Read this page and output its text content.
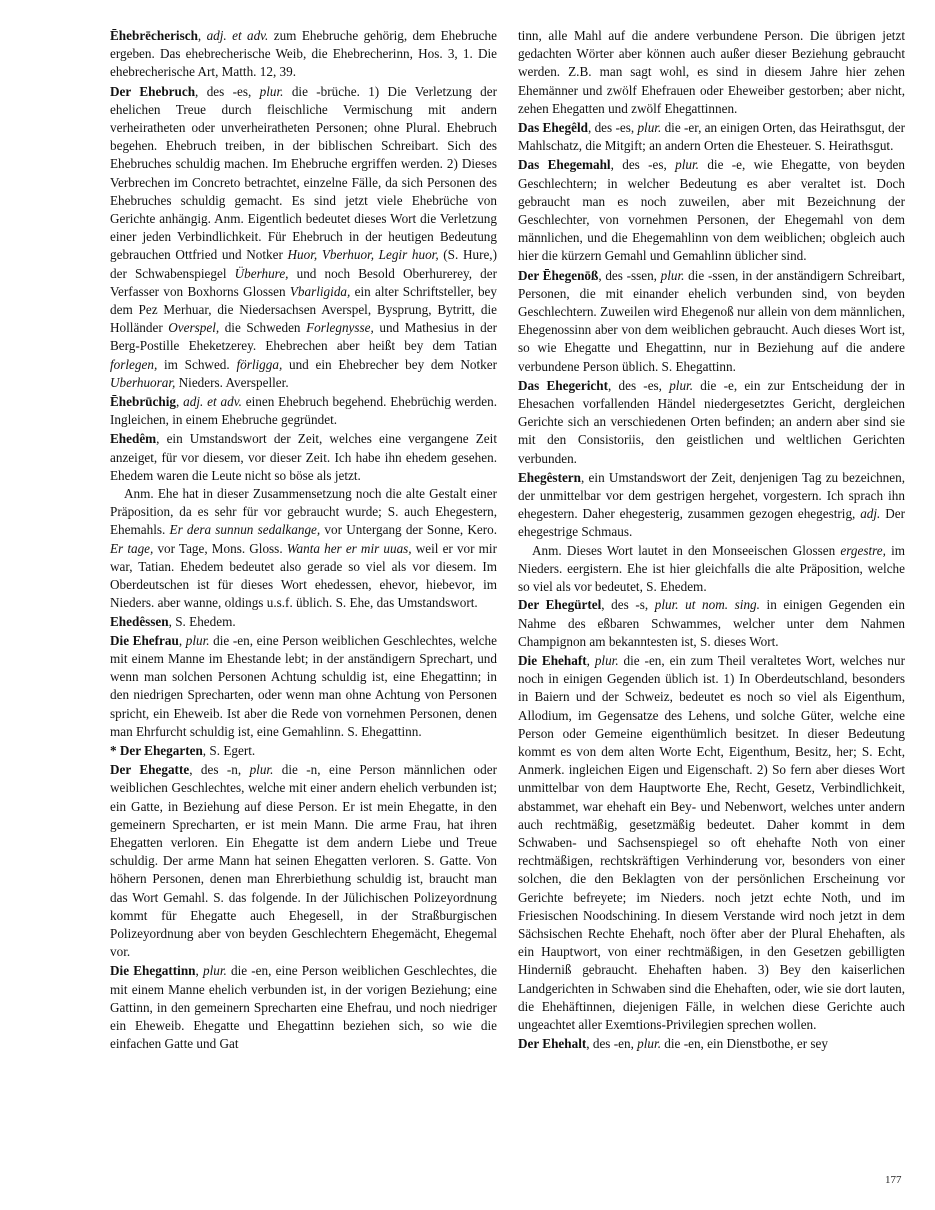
Ēhebrēcherisch, adj. et adv. zum Ehebruche gehörig, dem Ehebruche ergeben. Das ehebrecherische Weib, die Ehebrecherinn, Hos. 3, 1. Die ehebrecherische Art, Matth. 12, 39.

Der Ehebruch, des -es, plur. die -brüche. 1) Die Verletzung der ehelichen Treue durch fleischliche Vermischung mit andern verheiratheten oder unverheiratheten Personen; ohne Plural. Ehebruch begehen. Ehebruch treiben, in der biblischen Schreibart. Sich des Ehebruches schuldig machen. Im Ehebruche ergriffen werden. 2) Dieses Verbrechen im Concreto betrachtet, einzelne Fälle, da sich Personen des Ehebruches schuldig gemacht. Es sind jetzt viele Ehebrüche von Gerichte anhängig. Anm. Eigentlich bedeutet dieses Wort die Verletzung einer jeden Verbindlichkeit. Für Ehebruch in der heutigen Bedeutung gebrauchen Ottfried und Notker Huor, Vberhuor, Legir huor, (S. Hure,) der Schwabenspiegel Überhure, und noch Besold Oberhurerey, der Verfasser von Boxhorns Glossen Vbarligida, ein alter Schriftsteller, bey dem Pez Merhuar, die Niedersachsen Averspel, Bysprung, Bytritt, die Holländer Overspel, die Schweden Forlegnysse, und Mathesius in der Berg-Postille Eheketzerey. Ehebrechen aber heißt bey dem Tatian forlegen, im Schwed. förligga, und ein Ehebrecher bey dem Notker Uberhuorar, Nieders. Averspeller.

Ēhebrūchig, adj. et adv. einen Ehebruch begehend. Ehebrüchig werden. Ingleichen, in einem Ehebruche gegründet.

Ehedêm, ein Umstandswort der Zeit, welches eine vergangene Zeit anzeiget, für vor diesem, vor dieser Zeit. Ich habe ihn ehedem gesehen. Ehedem waren die Leute nicht so böse als jetzt.

Anm. Ehe hat in dieser Zusammensetzung noch die alte Gestalt einer Präposition, da es sehr für vor gebraucht wurde; S. auch Ehegestern, Ehemahls. Er dera sunnun sedalkange, vor Untergang der Sonne, Kero. Er tage, vor Tage, Mons. Gloss. Wanta her er mir uuas, weil er vor mir war, Tatian. Ehedem bedeutet also gerade so viel als vor diesem. Im Oberdeutschen ist für dieses Wort ehedessen, ehevor, hiebevor, im Nieders. aber wanne, oldings u.s.f. üblich. S. Ehe, das Umstandswort.

Ehedêssen, S. Ehedem.

Die Ehefrau, plur. die -en, eine Person weiblichen Geschlechtes, welche mit einem Manne im Ehestande lebt; in der anständigern Sprechart, und wenn man solchen Personen Achtung schuldig ist, eine Ehegattinn; in den niedrigen Sprecharten, oder wenn man ohne Achtung von Personen spricht, ein Eheweib. Ist aber die Rede von vornehmen Personen, denen man Ehrfurcht schuldig ist, eine Gemahlinn. S. Ehegattinn.

* Der Ehegarten, S. Egert.

Der Ehegatte, des -n, plur. die -n, eine Person männlichen oder weiblichen Geschlechtes, welche mit einer andern ehelich verbunden ist; ein Gatte, in Beziehung auf diese Person. Er ist mein Ehegatte, in den gemeinern Sprecharten, er ist mein Mann. Die arme Frau, hat ihren Ehegatten verloren. Ein Ehegatte ist dem andern Liebe und Treue schuldig. Der arme Mann hat seinen Ehegatten verloren. S. Gatte. Von höhern Personen, denen man Ehrerbiethung schuldig ist, braucht man das Wort Gemahl. S. das folgende. In der Jülichischen Polizeyordnung kommt für Ehegatte auch Ehegesell, in der Straßburgischen Polizeyordnung aber von beyden Geschlechtern Ehegemächt, Ehegemal vor.

Die Ehegattinn, plur. die -en, eine Person weiblichen Geschlechtes, die mit einem Manne ehelich verbunden ist, in der vorigen Beziehung; eine Gattinn, in den gemeinern Sprecharten eine Ehefrau, und noch niedriger ein Eheweib. Ehegatte und Ehegattinn beziehen sich, so wie die einfachen Gatte und Gat

tinn, alle Mahl auf die andere verbundene Person. Die übrigen jetzt gedachten Wörter aber können auch außer dieser Beziehung gebraucht werden. Z.B. man sagt wohl, es sind in diesem Jahre hier zehen Ehemänner und zwölf Ehefrauen oder Eheweiber gestorben; aber nicht, zehen Ehegatten und zwölf Ehegattinnen.

Das Ehegêld, des -es, plur. die -er, an einigen Orten, das Heirathsgut, der Mahlschatz, die Mitgift; an andern Orten die Ehesteuer. S. Heirathsgut.

Das Ehegemahl, des -es, plur. die -e, wie Ehegatte, von beyden Geschlechtern; in welcher Bedeutung es aber veraltet ist. Doch gebraucht man es noch zuweilen, aber mit Bezeichnung der Geschlechter, von vornehmen Personen, der Ehegemahl von dem männlichen, und die Ehegemahlinn von dem weiblichen; obgleich auch hier die kürzern Gemahl und Gemahlinn üblicher sind.

Der Ēhegenōß, des -ssen, plur. die -ssen, in der anständigern Schreibart, Personen, die mit einander ehelich verbunden sind, von beyden Geschlechtern. Zuweilen wird Ehegenoß nur allein von dem männlichen, Ehegenossinn aber von dem weiblichen gebraucht. Auch dieses Wort ist, so wie Ehegatte und Ehegattinn, nur in Beziehung auf die andere verbundene Person üblich. S. Ehegattinn.

Das Ehegericht, des -es, plur. die -e, ein zur Entscheidung der in Ehesachen vorfallenden Händel niedergesetztes Gericht, dergleichen Gerichte sich an verschiedenen Orten befinden; an andern aber sind sie mit den Consistoriis, den geistlichen und weltlichen Gerichten verbunden.

Ehegêstern, ein Umstandswort der Zeit, denjenigen Tag zu bezeichnen, der unmittelbar vor dem gestrigen hergehet, vorgestern. Ich sprach ihn ehegestern. Daher ehegesterig, zusammen gezogen ehegestrig, adj. Der ehegestrige Schmaus.

Anm. Dieses Wort lautet in den Monseeischen Glossen ergestre, im Nieders. eergistern. Ehe ist hier gleichfalls die alte Präposition, welche so viel als vor bedeutet, S. Ehedem.

Der Ehegürtel, des -s, plur. ut nom. sing. in einigen Gegenden ein Nahme des eßbaren Schwammes, welcher unter dem Nahmen Champignon am bekanntesten ist, S. dieses Wort.

Die Ehehaft, plur. die -en, ein zum Theil veraltetes Wort, welches nur noch in einigen Gegenden üblich ist. 1) In Oberdeutschland, besonders in Baiern und der Schweiz, bedeutet es noch so viel als Eigenthum, Allodium, im Gegensatze des Lehens, und solche Güter, welche eine Person oder Gemeine eigenthümlich besitzet. In dieser Bedeutung kommt es von dem alten Worte Echt, Eigenthum, Besitz, her; S. Echt, Anmerk. ingleichen Eigen und Eigenschaft. 2) So fern aber dieses Wort unmittelbar von dem Hauptworte Ehe, Recht, Gesetz, Verbindlichkeit, abstammet, war ehehaft ein Bey- und Nebenwort, welches unter andern auch rechtmäßig, gesetzmäßig bedeutet. Daher kommt in dem Schwaben- und Sachsenspiegel so oft ehehafte Noth von einer rechtmäßigen, rechtskräftigen Verhinderung vor, besonders von einer solchen, die den Beklagten von der persönlichen Erscheinung vor Gerichte befreyete; im Nieders. noch jetzt echte Noth, und im Friesischen Noodschining. In diesem Verstande wird noch jetzt in dem Sächsischen Rechte Ehehaft, noch öfter aber der Plural Ehehaften, als ein Hauptwort, von einer rechtmäßigen, in den Gesetzen gebilligten Hinderniß gebraucht. Ehehaften haben. 3) Bey den kaiserlichen Landgerichten in Schwaben sind die Ehehaften, oder, wie sie dort lauten, die Ehehäftinnen, diejenigen Fälle, in welchen diese Gerichte auch ungeachtet aller Exemtions-Privilegien sprechen wollen.

Der Ehehalt, des -en, plur. die -en, ein Dienstbothe, er sey

177
